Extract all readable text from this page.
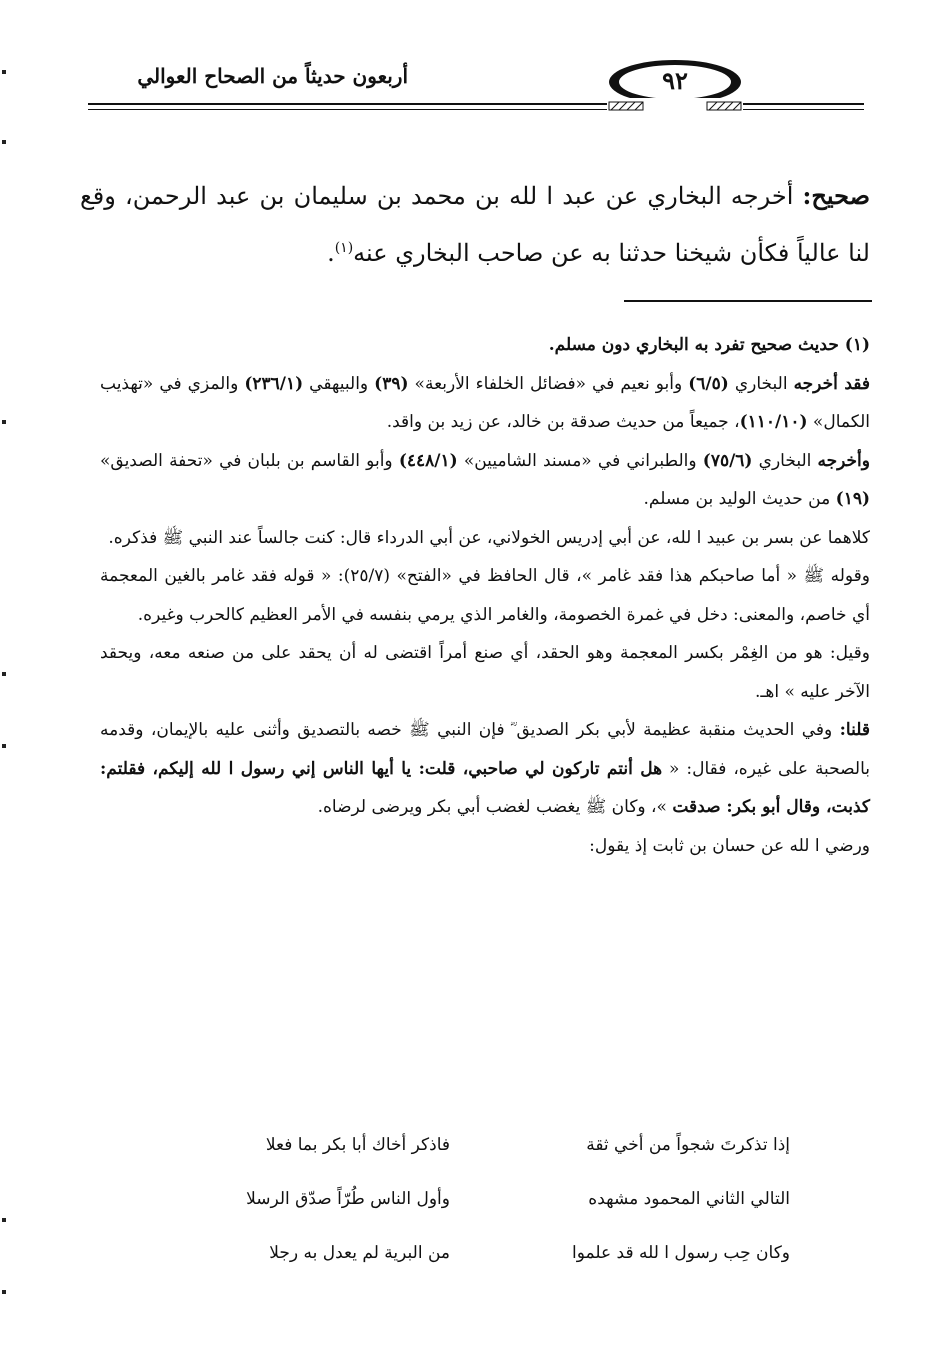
أربعون حديثاً من الصحاح العوالي	٩٢
صحيح: أخرجه البخاري عن عبد ا لله بن محمد بن سليمان بن عبد الرحمن، وقع لنا عالياً فكأن شيخنا حدثنا به عن صاحب البخاري عنه$^{(١)}$.

(١) حديث صحيح تفرد به البخاري دون مسلم.

فقد أخرجه البخاري (٦/٥) وأبو نعيم في «فضائل الخلفاء الأربعة» (٣٩) والبيهقي (٢٣٦/١) والمزي في «تهذيب الكمال» (١١٠/١٠)، جميعاً من حديث صدقة بن خالد، عن زيد بن واقد.

وأخرجه البخاري (٧٥/٦) والطبراني في «مسند الشاميين» (٤٤٨/١) وأبو القاسم بن بلبان في «تحفة الصديق» (١٩) من حديث الوليد بن مسلم.

كلاهما عن بسر بن عبيد ا لله، عن أبي إدريس الخولاني، عن أبي الدرداء قال: كنت جالساً عند النبي ﷺ فذكره.

وقوله ﷺ « أما صاحبكم هذا فقد غامر »، قال الحافظ في «الفتح» (٢٥/٧): « قوله فقد غامر بالغين المعجمة أي خاصم، والمعنى: دخل في غمرة الخصومة، والغامر الذي يرمي بنفسه في الأمر العظيم كالحرب وغيره.

وقيل: هو من الغِمْر بكسر المعجمة وهو الحقد، أي صنع أمراً اقتضى له أن يحقد على من صنعه معه، ويحقد الآخر عليه » اهـ.

قلنا: وفي الحديث منقبة عظيمة لأبي بكر الصديق ؓ فإن النبي ﷺ خصه بالتصديق وأثنى عليه بالإيمان، وقدمه بالصحبة على غيره، فقال: « هل أنتم تاركون لي صاحبي، قلت: يا أيها الناس إني رسول ا لله إليكم، فقلتم: كذبت، وقال أبو بكر: صدقت »، وكان ﷺ يغضب لغضب أبي بكر ويرضى لرضاه.

ورضي ا لله عن حسان بن ثابت إذ يقول:

إذا تذكرتَ شجواً من أخي ثقة
فاذكر أخاك أبا بكر بما فعلا
التالي الثاني المحمود مشهده
وأول الناس طُرّاً صدّق الرسلا
وكان حِب رسول ا لله قد علموا
من البرية لم يعدل به رجلا
